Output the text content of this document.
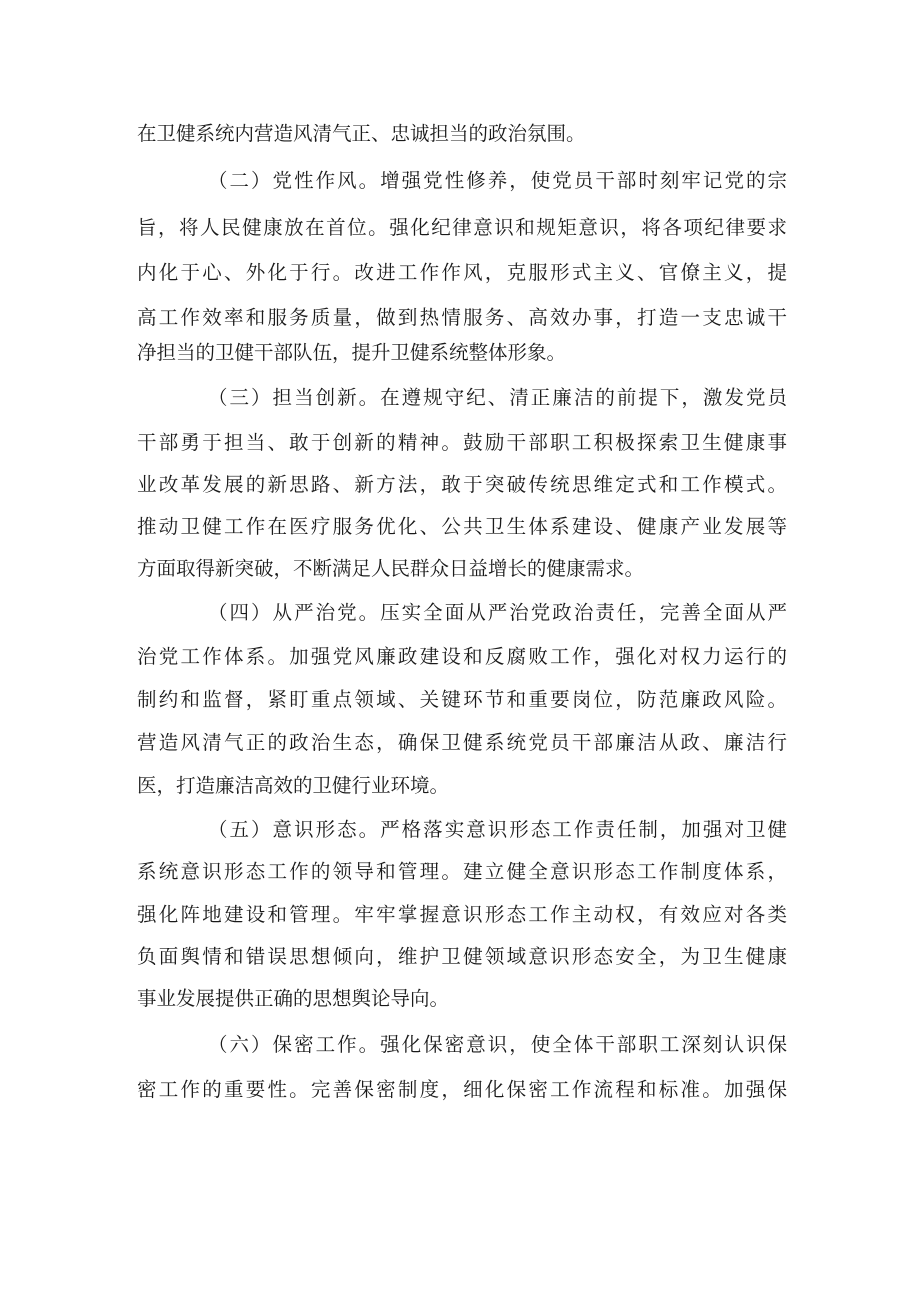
在卫健系统内营造风清气正、忠诚担当的政治氛围。

（二）党性作风。增强党性修养，使党员干部时刻牢记党的宗

旨，将人民健康放在首位。强化纪律意识和规矩意识，将各项纪律要求

内化于心、外化于行。改进工作作风，克服形式主义、官僚主义，提

高工作效率和服务质量，做到热情服务、高效办事，打造一支忠诚干

净担当的卫健干部队伍，提升卫健系统整体形象。

（三）担当创新。在遵规守纪、清正廉洁的前提下，激发党员

干部勇于担当、敢于创新的精神。鼓励干部职工积极探索卫生健康事

业改革发展的新思路、新方法，敢于突破传统思维定式和工作模式。

推动卫健工作在医疗服务优化、公共卫生体系建设、健康产业发展等

方面取得新突破，不断满足人民群众日益增长的健康需求。

（四）从严治党。压实全面从严治党政治责任，完善全面从严

治党工作体系。加强党风廉政建设和反腐败工作，强化对权力运行的

制约和监督，紧盯重点领域、关键环节和重要岗位，防范廉政风险。

营造风清气正的政治生态，确保卫健系统党员干部廉洁从政、廉洁行

医，打造廉洁高效的卫健行业环境。

（五）意识形态。严格落实意识形态工作责任制，加强对卫健

系统意识形态工作的领导和管理。建立健全意识形态工作制度体系，

强化阵地建设和管理。牢牢掌握意识形态工作主动权，有效应对各类

负面舆情和错误思想倾向，维护卫健领域意识形态安全，为卫生健康

事业发展提供正确的思想舆论导向。

（六）保密工作。强化保密意识，使全体干部职工深刻认识保

密工作的重要性。完善保密制度，细化保密工作流程和标准。加强保
